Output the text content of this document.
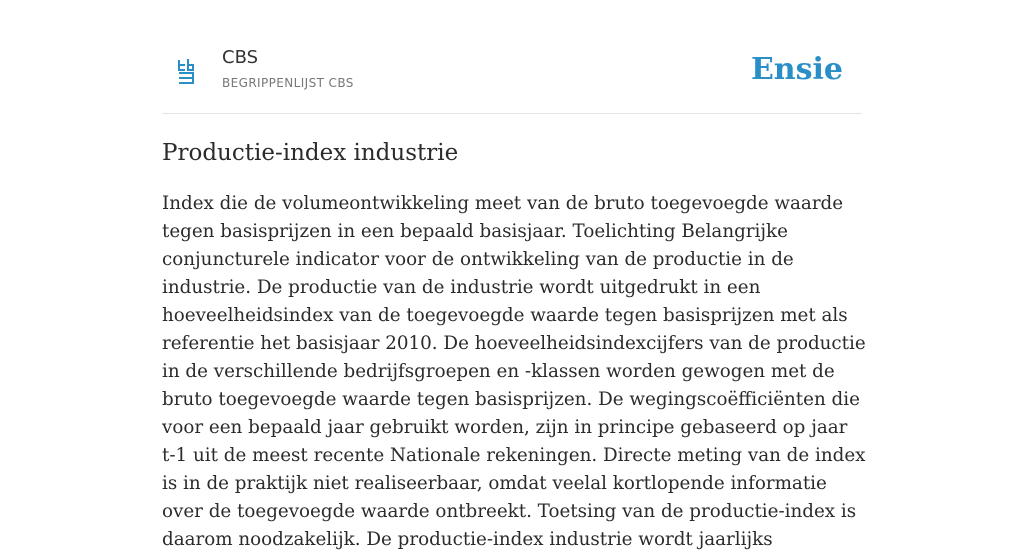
CBS
BEGRIPPENLIJST CBS	Ensie
Productie-index industrie

Index die de volumeontwikkeling meet van de bruto toegevoegde waarde tegen basisprijzen in een bepaald basisjaar. Toelichting Belangrijke conjuncturele indicator voor de ontwikkeling van de productie in de industrie. De productie van de industrie wordt uitgedrukt in een hoeveelheidsindex van de toegevoegde waarde tegen basisprijzen met als referentie het basisjaar 2010. De hoeveelheidsindexcijfers van de productie in de verschillende bedrijfsgroepen en -klassen worden gewogen met de bruto toegevoegde waarde tegen basisprijzen. De wegingscoëfficiënten die voor een bepaald jaar gebruikt worden, zijn in principe gebaseerd op jaar t-1 uit de meest recente Nationale rekeningen. Directe meting van de index is in de praktijk niet realiseerbaar, omdat veelal kortlopende informatie over de toegevoegde waarde ontbreekt. Toetsing van de productie-index is daarom noodzakelijk. De productie-index industrie wordt jaarlijks
